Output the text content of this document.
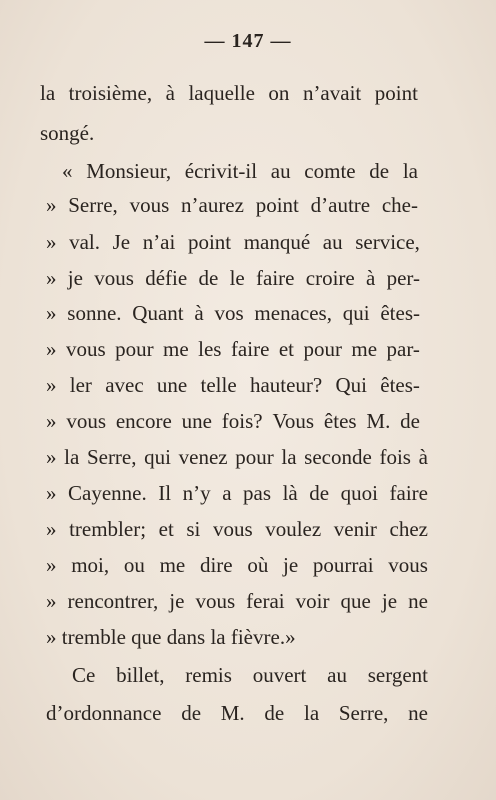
— 147 —
la troisième, à laquelle on n’avait point
songé.
« Monsieur, écrivit-il au comte de la
» Serre, vous n’aurez point d’autre che-
» val. Je n’ai point manqué au service,
» je vous défie de le faire croire à per-
» sonne. Quant à vos menaces, qui êtes-
» vous pour me les faire et pour me par-
» ler avec une telle hauteur? Qui êtes-
» vous encore une fois? Vous êtes M. de
» la Serre, qui venez pour la seconde fois à
» Cayenne. Il n’y a pas là de quoi faire
» trembler; et si vous voulez venir chez
» moi, ou me dire où je pourrai vous
» rencontrer, je vous ferai voir que je ne
» tremble que dans la fièvre.»
Ce billet, remis ouvert au sergent
d’ordonnance de M. de la Serre, ne
